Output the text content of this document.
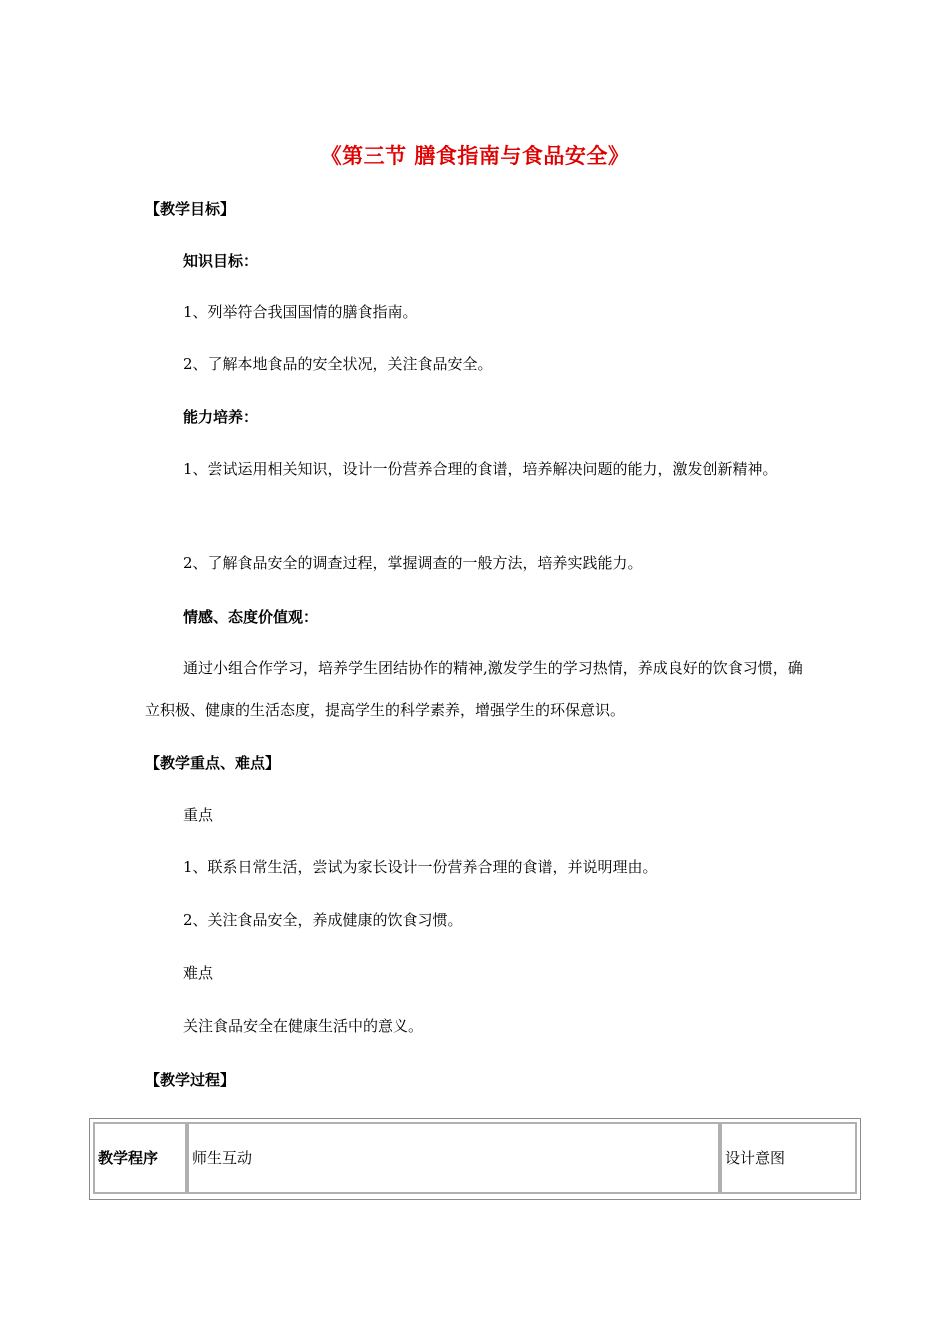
《第三节 膳食指南与食品安全》
【教学目标】
知识目标：
1、列举符合我国国情的膳食指南。
2、了解本地食品的安全状况，关注食品安全。
能力培养：
1、尝试运用相关知识，设计一份营养合理的食谱，培养解决问题的能力，激发创新精神。
2、了解食品安全的调查过程，掌握调查的一般方法，培养实践能力。
情感、态度价值观：
通过小组合作学习，培养学生团结协作的精神,激发学生的学习热情，养成良好的饮食习惯，确立积极、健康的生活态度，提高学生的科学素养，增强学生的环保意识。
【教学重点、难点】
重点
1、联系日常生活，尝试为家长设计一份营养合理的食谱，并说明理由。
2、关注食品安全，养成健康的饮食习惯。
难点
关注食品安全在健康生活中的意义。
【教学过程】
教学程序 师生互动	设计意图
